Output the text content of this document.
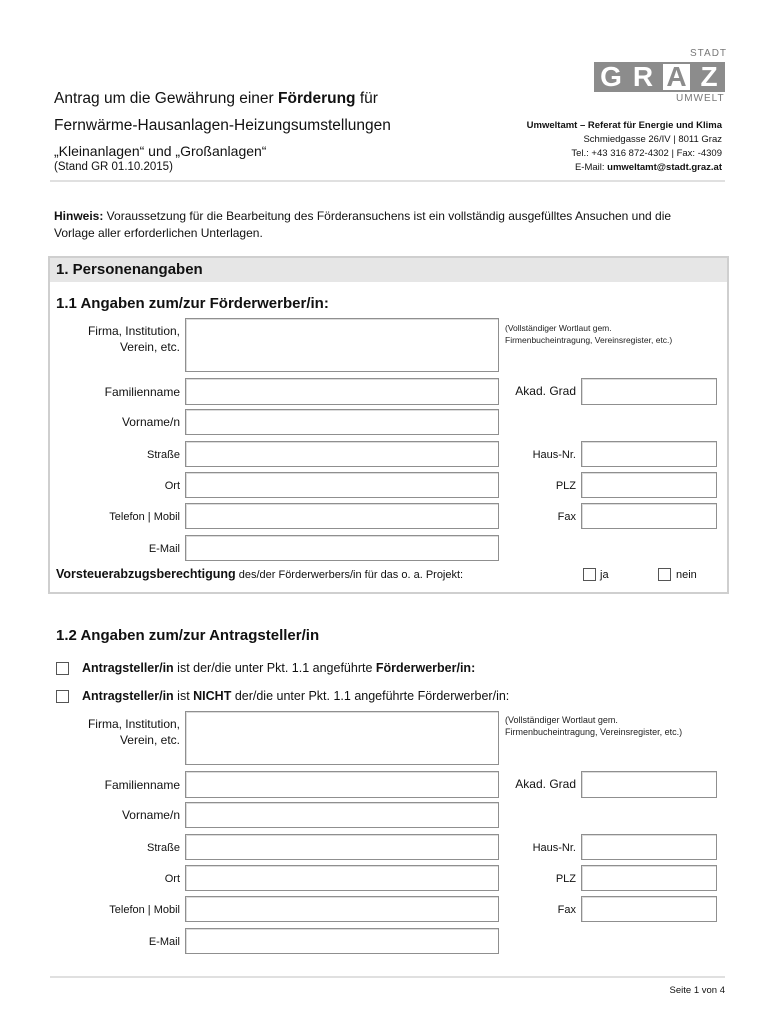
STADT
G R A Z
UMWELT
Antrag um die Gewährung einer Förderung für
Fernwärme-Hausanlagen-Heizungsumstellungen
„Kleinanlagen“ und „Großanlagen“
(Stand GR 01.10.2015)
Umweltamt – Referat für Energie und Klima
Schmiedgasse 26/IV | 8011 Graz
Tel.: +43 316 872-4302 | Fax: -4309
E-Mail: umweltamt@stadt.graz.at
Hinweis: Voraussetzung für die Bearbeitung des Förderansuchens ist ein vollständig ausgefülltes Ansuchen und die
Vorlage aller erforderlichen Unterlagen.
1. Personenangaben
1.1 Angaben zum/zur Förderwerber/in:
Firma, Institution,
Verein, etc.
(Vollständiger Wortlaut gem.
Firmenbucheintragung, Vereinsregister, etc.)
Familienname	Akad. Grad
Vorname/n
Straße	Haus-Nr.
Ort	PLZ
Telefon | Mobil	Fax
E-Mail
Vorsteuerabzugsberechtigung des/der Förderwerbers/in für das o. a. Projekt:	ja	nein
1.2 Angaben zum/zur Antragsteller/in
Antragsteller/in ist der/die unter Pkt. 1.1 angeführte Förderwerber/in:
Antragsteller/in ist NICHT der/die unter Pkt. 1.1 angeführte Förderwerber/in:
Firma, Institution,
Verein, etc.
(Vollständiger Wortlaut gem.
Firmenbucheintragung, Vereinsregister, etc.)
Familienname	Akad. Grad
Vorname/n
Straße	Haus-Nr.
Ort	PLZ
Telefon | Mobil	Fax
E-Mail
Seite 1 von 4
